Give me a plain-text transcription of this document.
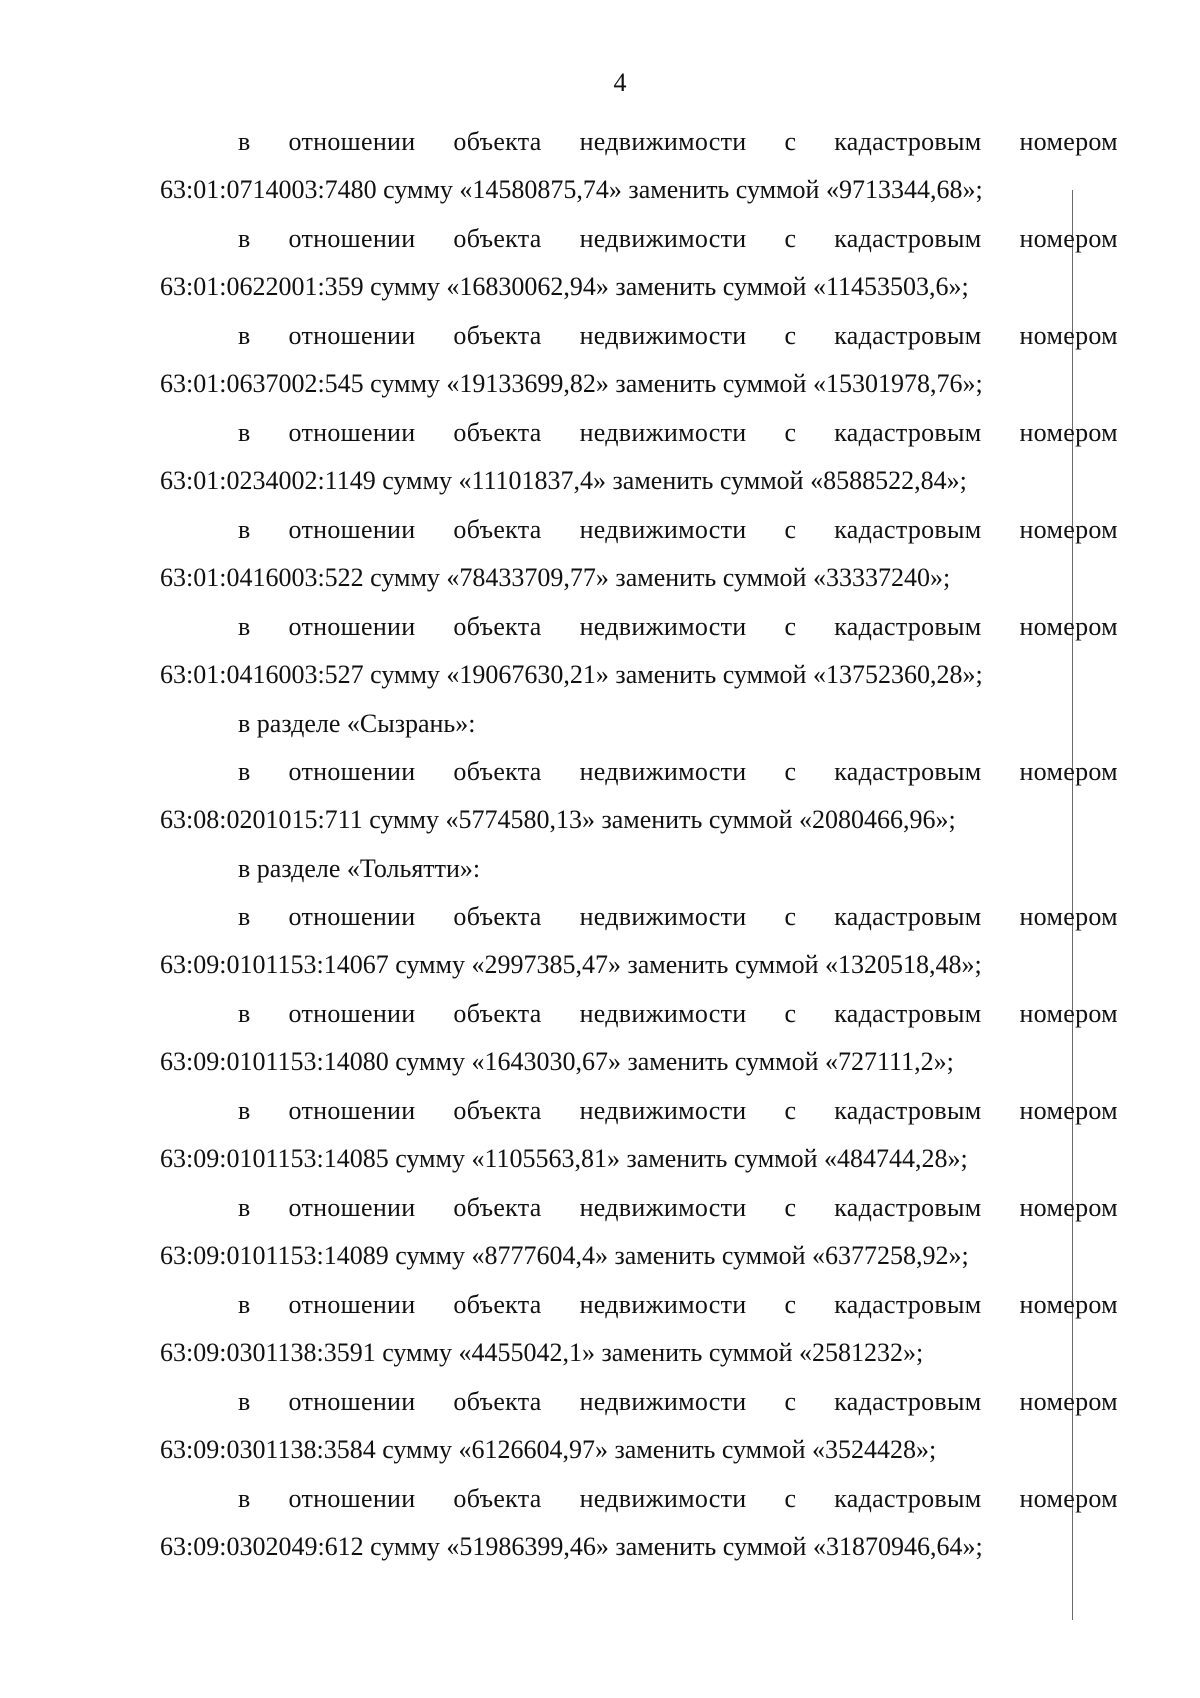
4
в отношении объекта недвижимости с кадастровым номером
63:01:0714003:7480 сумму «14580875,74» заменить суммой «9713344,68»;
в отношении объекта недвижимости с кадастровым номером
63:01:0622001:359 сумму «16830062,94» заменить суммой «11453503,6»;
в отношении объекта недвижимости с кадастровым номером
63:01:0637002:545 сумму «19133699,82» заменить суммой «15301978,76»;
в отношении объекта недвижимости с кадастровым номером
63:01:0234002:1149 сумму «11101837,4» заменить суммой «8588522,84»;
в отношении объекта недвижимости с кадастровым номером
63:01:0416003:522 сумму «78433709,77» заменить суммой «33337240»;
в отношении объекта недвижимости с кадастровым номером
63:01:0416003:527 сумму «19067630,21» заменить суммой «13752360,28»;
в разделе «Сызрань»:
в отношении объекта недвижимости с кадастровым номером
63:08:0201015:711 сумму «5774580,13» заменить суммой «2080466,96»;
в разделе «Тольятти»:
в отношении объекта недвижимости с кадастровым номером
63:09:0101153:14067 сумму «2997385,47» заменить суммой «1320518,48»;
в отношении объекта недвижимости с кадастровым номером
63:09:0101153:14080 сумму «1643030,67» заменить суммой «727111,2»;
в отношении объекта недвижимости с кадастровым номером
63:09:0101153:14085 сумму «1105563,81» заменить суммой «484744,28»;
в отношении объекта недвижимости с кадастровым номером
63:09:0101153:14089 сумму «8777604,4» заменить суммой «6377258,92»;
в отношении объекта недвижимости с кадастровым номером
63:09:0301138:3591 сумму «4455042,1» заменить суммой «2581232»;
в отношении объекта недвижимости с кадастровым номером
63:09:0301138:3584 сумму «6126604,97» заменить суммой «3524428»;
в отношении объекта недвижимости с кадастровым номером
63:09:0302049:612 сумму «51986399,46» заменить суммой «31870946,64»;
